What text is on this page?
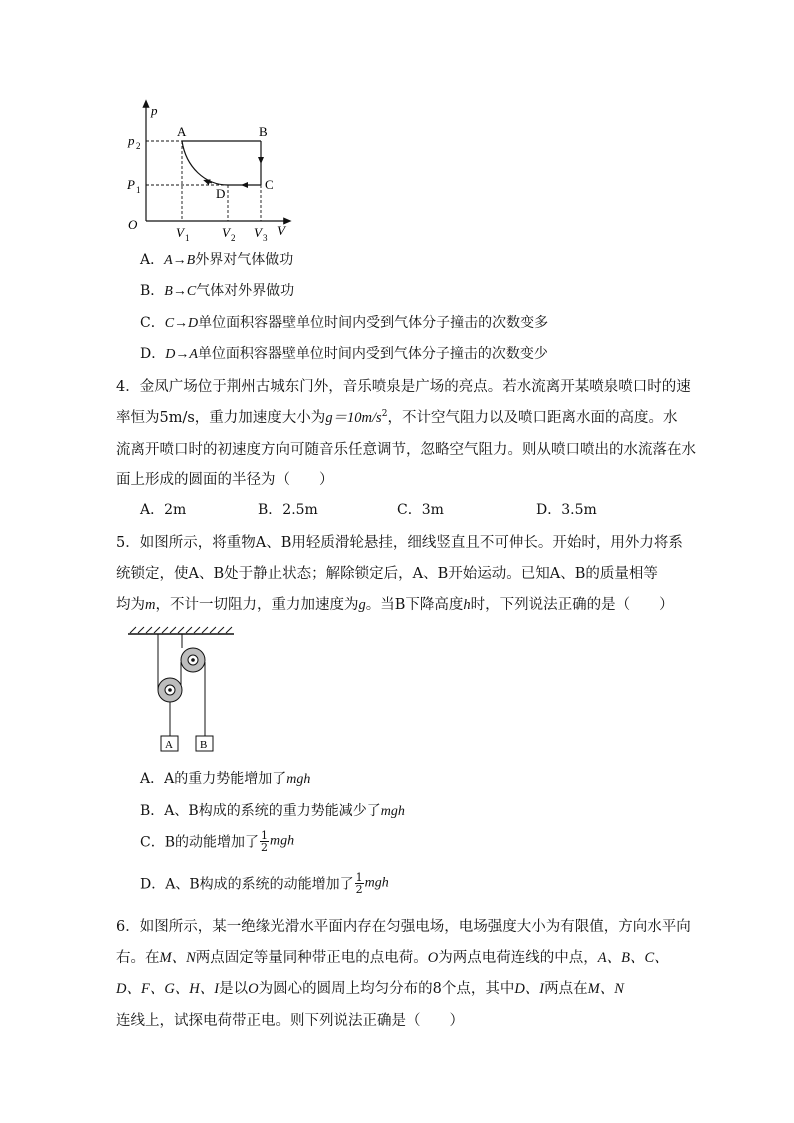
p
V
O
p 2
P 1
V 1	V 2 V 3
A	B
C
D
A．A→B外界对气体做功
B．B→C气体对外界做功
C．C→D单位面积容器壁单位时间内受到气体分子撞击的次数变多
D．D→A单位面积容器壁单位时间内受到气体分子撞击的次数变少
4．金凤广场位于荆州古城东门外，音乐喷泉是广场的亮点。若水流离开某喷泉喷口时的速
率恒为5m/s，重力加速度大小为$g=10m/s^2$，不计空气阻力以及喷口距离水面的高度。水
流离开喷口时的初速度方向可随音乐任意调节，忽略空气阻力。则从喷口喷出的水流落在水
面上形成的圆面的半径为（　　）
A．2m	B．2.5m	C．3m	D．3.5m
5．如图所示，将重物A、B用轻质滑轮悬挂，细线竖直且不可伸长。开始时，用外力将系
统锁定，使A、B处于静止状态；解除锁定后，A、B开始运动。已知A、B的质量相等
均为m，不计一切阻力，重力加速度为g。当B下降高度h时，下列说法正确的是（　　）
A B
A．A的重力势能增加了mgh
B．A、B构成的系统的重力势能减少了mgh
C．B的动能增加了 $\frac{1}{2}$ mgh
D．A、B构成的系统的动能增加了 $\frac{1}{2}$ mgh
6．如图所示，某一绝缘光滑水平面内存在匀强电场，电场强度大小为有限值，方向水平向
右。在M、N两点固定等量同种带正电的点电荷。O为两点电荷连线的中点，A、B、C、
D、F、G、H、I是以O为圆心的圆周上均匀分布的8个点，其中D、I两点在M、N
连线上，试探电荷带正电。则下列说法正确是（　　）
